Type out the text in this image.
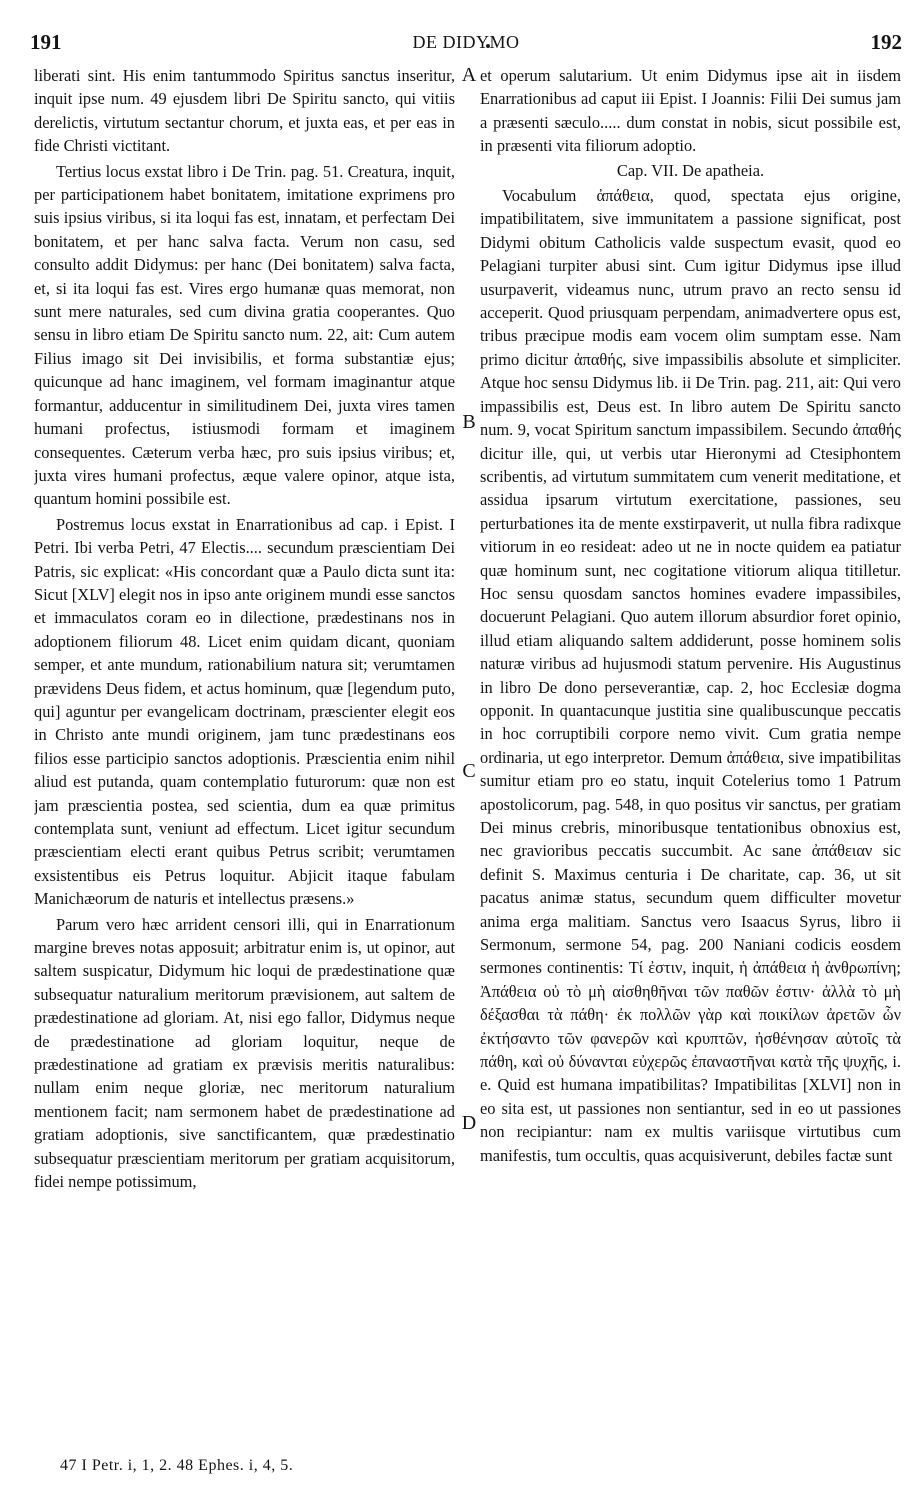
191	DE DIDYMO	192

liberati sint. His enim tantummodo Spiritus sanctus inseritur, inquit ipse num. 49 ejusdem libri De Spiritu sancto, qui vitiis derelictis, virtutum sectantur chorum, et juxta eas, et per eas in fide Christi victitant.

Tertius locus exstat libro i De Trin. pag. 51. Creatura, inquit, per participationem habet bonitatem, imitatione exprimens pro suis ipsius viribus, si ita loqui fas est, innatam, et perfectam Dei bonitatem, et per hanc salva facta. Verum non casu, sed consulto addit Didymus: per hanc (Dei bonitatem) salva facta, et, si ita loqui fas est. Vires ergo humanæ quas memorat, non sunt mere naturales, sed cum divina gratia cooperantes. Quo sensu in libro etiam De Spiritu sancto num. 22, ait: Cum autem Filius imago sit Dei invisibilis, et forma substantiæ ejus; quicunque ad hanc imaginem, vel formam imaginantur atque formantur, adducentur in similitudinem Dei, juxta vires tamen humani profectus, istiusmodi formam et imaginem consequentes. Cæterum verba hæc, pro suis ipsius viribus; et, juxta vires humani profectus, æque valere opinor, atque ista, quantum homini possibile est.

Postremus locus exstat in Enarrationibus ad cap. i Epist. I Petri. Ibi verba Petri, 47 Electis.... secundum præscientiam Dei Patris, sic explicat: «His concordant quæ a Paulo dicta sunt ita: Sicut [XLV] elegit nos in ipso ante originem mundi esse sanctos et immaculatos coram eo in dilectione, prædestinans nos in adoptionem filiorum 48. Licet enim quidam dicant, quoniam semper, et ante mundum, rationabilium natura sit; verumtamen prævidens Deus fidem, et actus hominum, quæ [legendum puto, qui] aguntur per evangelicam doctrinam, præscienter elegit eos in Christo ante mundi originem, jam tunc prædestinans eos filios esse participio sanctos adoptionis. Præscientia enim nihil aliud est putanda, quam contemplatio futurorum: quæ non est jam præscientia postea, sed scientia, dum ea quæ primitus contemplata sunt, veniunt ad effectum. Licet igitur secundum præscientiam electi erant quibus Petrus scribit; verumtamen exsistentibus eis Petrus loquitur. Abjicit itaque fabulam Manichæorum de naturis et intellectus præsens.»

Parum vero hæc arrident censori illi, qui in Enarrationum margine breves notas apposuit; arbitratur enim is, ut opinor, aut saltem suspicatur, Didymum hic loqui de prædestinatione quæ subsequatur naturalium meritorum prævisionem, aut saltem de prædestinatione ad gloriam. At, nisi ego fallor, Didymus neque de prædestinatione ad gloriam loquitur, neque de prædestinatione ad gratiam ex prævisis meritis naturalibus: nullam enim neque gloriæ, nec meritorum naturalium mentionem facit; nam sermonem habet de prædestinatione ad gratiam adoptionis, sive sanctificantem, quæ prædestinatio subsequatur præscientiam meritorum per gratiam acquisitorum, fidei nempe potissimum,

A
B
C
D

et operum salutarium. Ut enim Didymus ipse ait in iisdem Enarrationibus ad caput iii Epist. I Joannis: Filii Dei sumus jam a præsenti sæculo..... dum constat in nobis, sicut possibile est, in præsenti vita filiorum adoptio.

Cap. VII. De apatheia.

Vocabulum ἀπάθεια, quod, spectata ejus origine, impatibilitatem, sive immunitatem a passione significat, post Didymi obitum Catholicis valde suspectum evasit, quod eo Pelagiani turpiter abusi sint. Cum igitur Didymus ipse illud usurpaverit, videamus nunc, utrum pravo an recto sensu id acceperit. Quod priusquam perpendam, animadvertere opus est, tribus præcipue modis eam vocem olim sumptam esse. Nam primo dicitur ἀπαθής, sive impassibilis absolute et simpliciter. Atque hoc sensu Didymus lib. ii De Trin. pag. 211, ait: Qui vero impassibilis est, Deus est. In libro autem De Spiritu sancto num. 9, vocat Spiritum sanctum impassibilem. Secundo ἀπαθής dicitur ille, qui, ut verbis utar Hieronymi ad Ctesiphontem scribentis, ad virtutum summitatem cum venerit meditatione, et assidua ipsarum virtutum exercitatione, passiones, seu perturbationes ita de mente exstirpaverit, ut nulla fibra radixque vitiorum in eo resideat: adeo ut ne in nocte quidem ea patiatur quæ hominum sunt, nec cogitatione vitiorum aliqua titilletur. Hoc sensu quosdam sanctos homines evadere impassibiles, docuerunt Pelagiani. Quo autem illorum absurdior foret opinio, illud etiam aliquando saltem addiderunt, posse hominem solis naturæ viribus ad hujusmodi statum pervenire. His Augustinus in libro De dono perseverantiæ, cap. 2, hoc Ecclesiæ dogma opponit. In quantacunque justitia sine qualibuscunque peccatis in hoc corruptibili corpore nemo vivit. Cum gratia nempe ordinaria, ut ego interpretor. Demum ἀπάθεια, sive impatibilitas sumitur etiam pro eo statu, inquit Cotelerius tomo 1 Patrum apostolicorum, pag. 548, in quo positus vir sanctus, per gratiam Dei minus crebris, minoribusque tentationibus obnoxius est, nec gravioribus peccatis succumbit. Ac sane ἀπάθειαν sic definit S. Maximus centuria i De charitate, cap. 36, ut sit pacatus animæ status, secundum quem difficulter movetur anima erga malitiam. Sanctus vero Isaacus Syrus, libro ii Sermonum, sermone 54, pag. 200 Naniani codicis eosdem sermones continentis: Τί ἐστιν, inquit, ἡ ἀπάθεια ἡ ἀνθρωπίνη; Ἀπάθεια οὐ τὸ μὴ αἰσθηθῆναι τῶν παθῶν ἐστιν· ἀλλὰ τὸ μὴ δέξασθαι τὰ πάθη· ἐκ πολλῶν γὰρ καὶ ποικίλων ἀρετῶν ὧν ἐκτήσαντο τῶν φανερῶν καὶ κρυπτῶν, ἠσθένησαν αὐτοῖς τὰ πάθη, καὶ οὐ δύνανται εὐχερῶς ἐπαναστῆναι κατὰ τῆς ψυχῆς, i. e. Quid est humana impatibilitas? Impatibilitas [XLVI] non in eo sita est, ut passiones non sentiantur, sed in eo ut passiones non recipiantur: nam ex multis variisque virtutibus cum manifestis, tum occultis, quas acquisiverunt, debiles factæ sunt

47 I Petr. i, 1, 2. 48 Ephes. i, 4, 5.
